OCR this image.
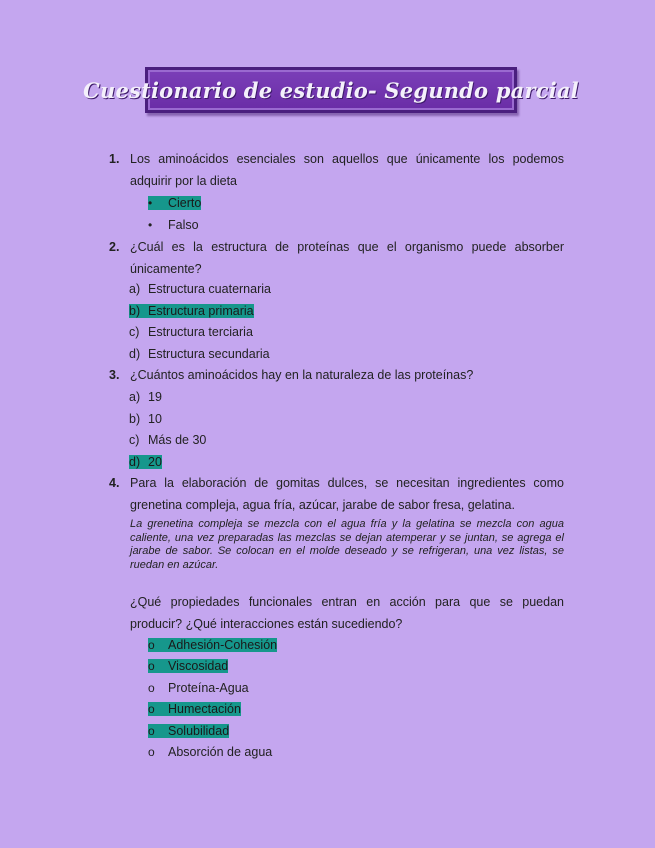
Cuestionario de estudio- Segundo parcial
1. Los aminoácidos esenciales son aquellos que únicamente los podemos adquirir por la dieta
• Cierto
• Falso
2. ¿Cuál es la estructura de proteínas que el organismo puede absorber únicamente?
a) Estructura cuaternaria
b) Estructura primaria
c) Estructura terciaria
d) Estructura secundaria
3. ¿Cuántos aminoácidos hay en la naturaleza de las proteínas?
a) 19
b) 10
c) Más de 30
d) 20
4. Para la elaboración de gomitas dulces, se necesitan ingredientes como grenetina compleja, agua fría, azúcar, jarabe de sabor fresa, gelatina.
La grenetina compleja se mezcla con el agua fría y la gelatina se mezcla con agua caliente, una vez preparadas las mezclas se dejan atemperar y se juntan, se agrega el jarabe de sabor. Se colocan en el molde deseado y se refrigeran, una vez listas, se ruedan en azúcar.
¿Qué propiedades funcionales entran en acción para que se puedan producir? ¿Qué interacciones están sucediendo?
o Adhesión-Cohesión
o Viscosidad
o Proteína-Agua
o Humectación
o Solubilidad
o Absorción de agua
